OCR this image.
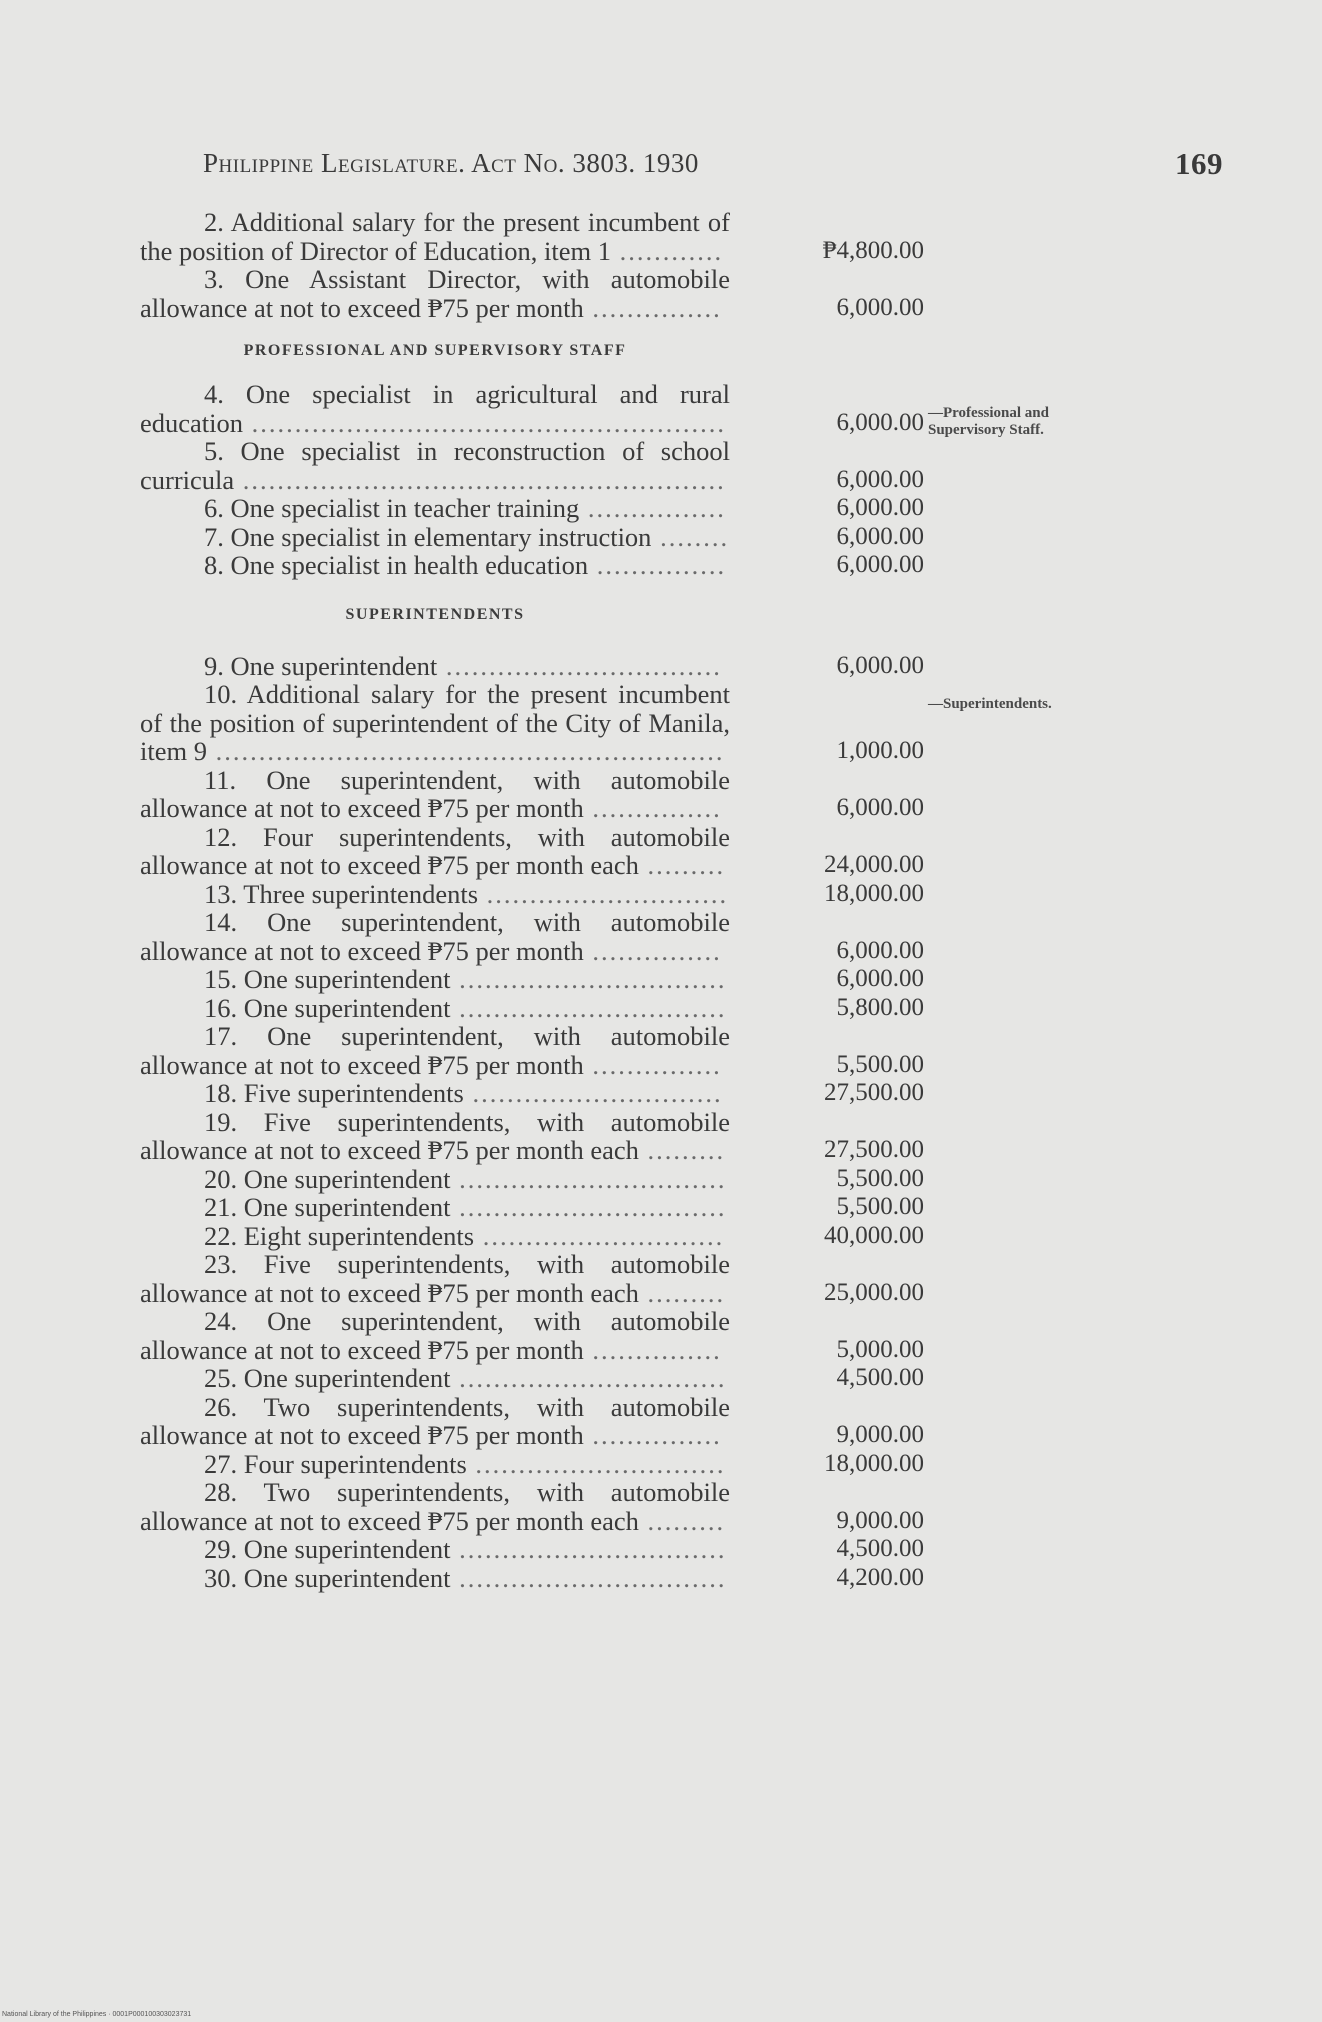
Philippine Legislature. Act No. 3803. 1930	169
—Professional and Supervisory Staff.
—Superintendents.
2. Additional salary for the present incumbent of the position of Director of Education, item 1 ............	₱4,800.00
3. One Assistant Director, with automobile allowance at not to exceed ₱75 per month ...............	6,000.00
PROFESSIONAL AND SUPERVISORY STAFF
4. One specialist in agricultural and rural education .......................................................	6,000.00
5. One specialist in reconstruction of school curricula ........................................................	6,000.00
6. One specialist in teacher training ................	6,000.00
7. One specialist in elementary instruction ........	6,000.00
8. One specialist in health education ...............	6,000.00
SUPERINTENDENTS
9. One superintendent ................................	6,000.00
10. Additional salary for the present incumbent of the position of superintendent of the City of Manila, item 9 ...........................................................	1,000.00
11. One superintendent, with automobile allowance at not to exceed ₱75 per month ...............	6,000.00
12. Four superintendents, with automobile allowance at not to exceed ₱75 per month each .........	24,000.00
13. Three superintendents ............................	18,000.00
14. One superintendent, with automobile allowance at not to exceed ₱75 per month ...............	6,000.00
15. One superintendent ...............................	6,000.00
16. One superintendent ...............................	5,800.00
17. One superintendent, with automobile allowance at not to exceed ₱75 per month ...............	5,500.00
18. Five superintendents .............................	27,500.00
19. Five superintendents, with automobile allowance at not to exceed ₱75 per month each .........	27,500.00
20. One superintendent ...............................	5,500.00
21. One superintendent ...............................	5,500.00
22. Eight superintendents ............................	40,000.00
23. Five superintendents, with automobile allowance at not to exceed ₱75 per month each .........	25,000.00
24. One superintendent, with automobile allowance at not to exceed ₱75 per month ...............	5,000.00
25. One superintendent ...............................	4,500.00
26. Two superintendents, with automobile allowance at not to exceed ₱75 per month ...............	9,000.00
27. Four superintendents .............................	18,000.00
28. Two superintendents, with automobile allowance at not to exceed ₱75 per month each .........	9,000.00
29. One superintendent ...............................	4,500.00
30. One superintendent ...............................	4,200.00
National Library of the Philippines · 0001P000100303023731
